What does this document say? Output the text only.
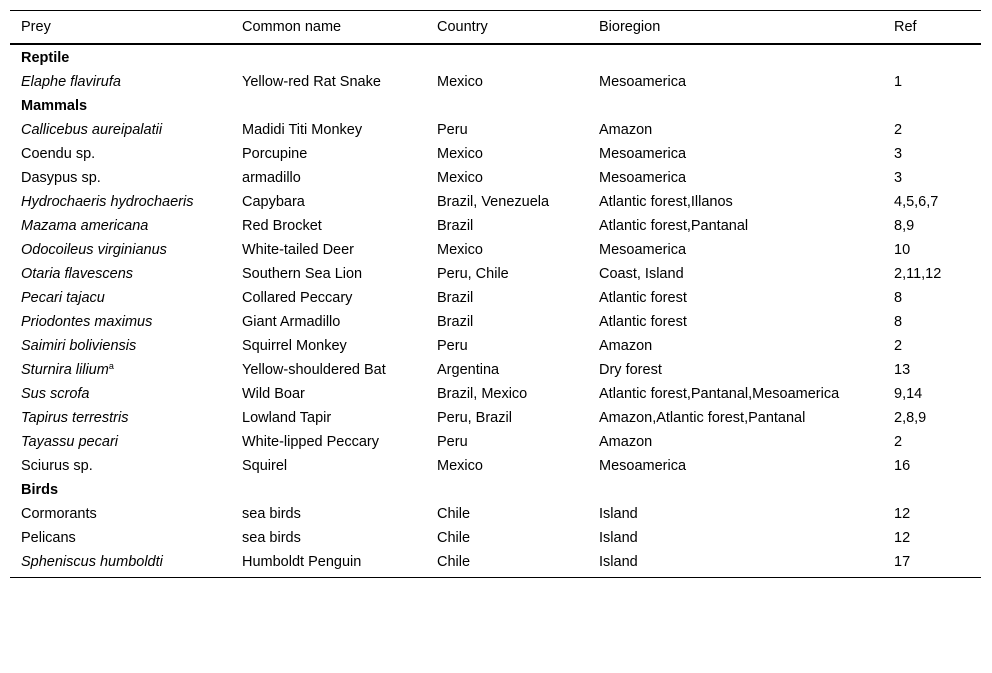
Prey	Common name	Country	Bioregion	Ref
Reptile				
Elaphe flavirufa	Yellow-red Rat Snake	Mexico	Mesoamerica	1
Mammals				
Callicebus aureipalatii	Madidi Titi Monkey	Peru	Amazon	2
Coendu sp.	Porcupine	Mexico	Mesoamerica	3
Dasypus sp.	armadillo	Mexico	Mesoamerica	3
Hydrochaeris hydrochaeris	Capybara	Brazil, Venezuela	Atlantic forest,Illanos	4,5,6,7
Mazama americana	Red Brocket	Brazil	Atlantic forest,Pantanal	8,9
Odocoileus virginianus	White-tailed Deer	Mexico	Mesoamerica	10
Otaria flavescens	Southern Sea Lion	Peru, Chile	Coast, Island	2,11,12
Pecari tajacu	Collared Peccary	Brazil	Atlantic forest	8
Priodontes maximus	Giant Armadillo	Brazil	Atlantic forest	8
Saimiri boliviensis	Squirrel Monkey	Peru	Amazon	2
Sturnira lilium$^a$	Yellow-shouldered Bat	Argentina	Dry forest	13
Sus scrofa	Wild Boar	Brazil, Mexico	Atlantic forest,Pantanal,Mesoamerica	9,14
Tapirus terrestris	Lowland Tapir	Peru, Brazil	Amazon,Atlantic forest,Pantanal	2,8,9
Tayassu pecari	White-lipped Peccary	Peru	Amazon	2
Sciurus sp.	Squirel	Mexico	Mesoamerica	16
Birds				
Cormorants	sea birds	Chile	Island	12
Pelicans	sea birds	Chile	Island	12
Spheniscus humboldti	Humboldt Penguin	Chile	Island	17
